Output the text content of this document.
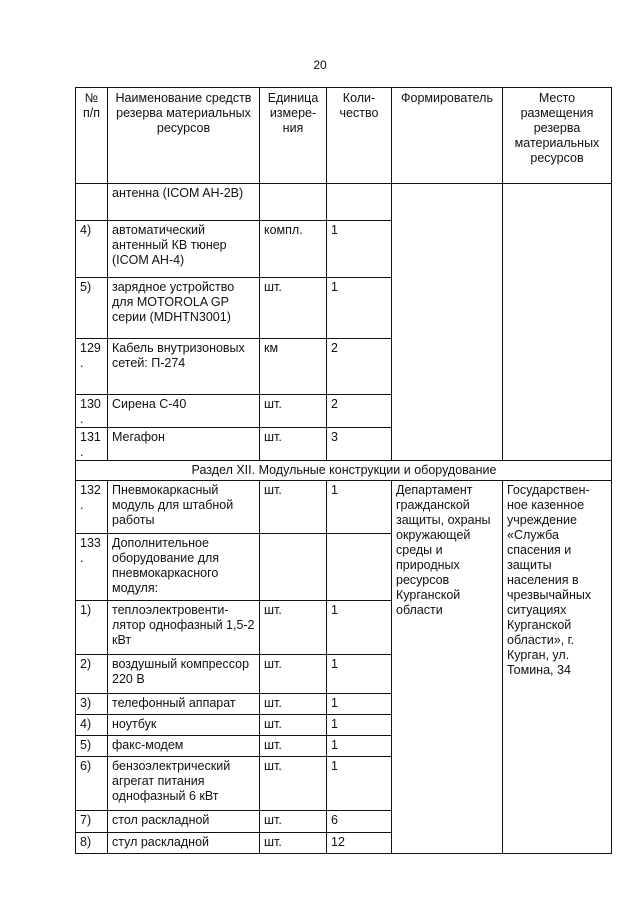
20
№ п/п	Наименование средств резерва материальных ресурсов	Единица измере-ния	Коли-чество	Формирователь	Место размещения резерва материальных ресурсов
	антенна (ICOM AH-2B)				
4)	автоматический антенный КВ тюнер (ICOM AH-4)	компл.	1		
5)	зарядное устройство для MOTOROLA GP серии (MDHTN3001)	шт.	1		
129.	Кабель внутризоновых сетей: П-274	км	2		
130.	Сирена С-40	шт.	2		
131.	Мегафон	шт.	3		
Раздел XII. Модульные конструкции и оборудование					
132.	Пневмокаркасный модуль для штабной работы	шт.	1	Департамент гражданской защиты, охраны окружающей среды и природных ресурсов Курганской области	Государствен-ное казенное учреждение «Служба спасения и защиты населения в чрезвычайных ситуациях Курганской области», г. Курган, ул. Томина, 34
133.	Дополнительное оборудование для пневмокаркасного модуля:				
1)	теплоэлектровенти-лятор однофазный 1,5-2 кВт	шт.	1		
2)	воздушный компрессор 220 В	шт.	1		
3)	телефонный аппарат	шт.	1		
4)	ноутбук	шт.	1		
5)	факс-модем	шт.	1		
6)	бензоэлектрический агрегат питания однофазный 6 кВт	шт.	1		
7)	стол раскладной	шт.	6		
8)	стул раскладной	шт.	12		
